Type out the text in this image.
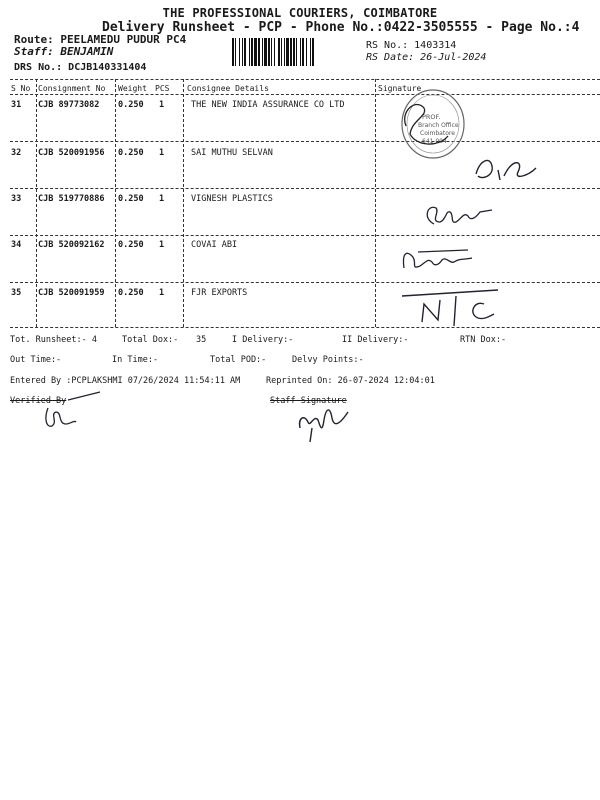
THE PROFESSIONAL COURIERS, COIMBATORE
Delivery Runsheet - PCP - Phone No.:0422-3505555 - Page No.:4
Route: PEELAMEDU PUDUR PC4
Staff: BENJAMIN
DRS No.: DCJB140331404
RS No.: 1403314
RS Date: 26-Jul-2024
S No Consignment No Weight PCS Consignee Details	Signature
31 CJB 89773082 0.250 1	THE NEW INDIA ASSURANCE CO LTD
32 CJB 520091956 0.250 1	SAI MUTHU SELVAN
33 CJB 519770886 0.250 1	VIGNESH PLASTICS
34 CJB 520092162 0.250 1	COVAI ABI
35 CJB 520091959 0.250 1	FJR EXPORTS
PROF.
Branch Office
Coimbatore
641 004
Tot. Runsheet:- 4	Total Dox:- 35	I Delivery:-	II Delivery:-	RTN Dox:-
Out Time:-	In Time:-	Total POD:-	Delvy Points:-
Entered By :PCPLAKSHMI 07/26/2024 11:54:11 AM	Reprinted On: 26-07-2024 12:04:01
Verified By	Staff Signature
